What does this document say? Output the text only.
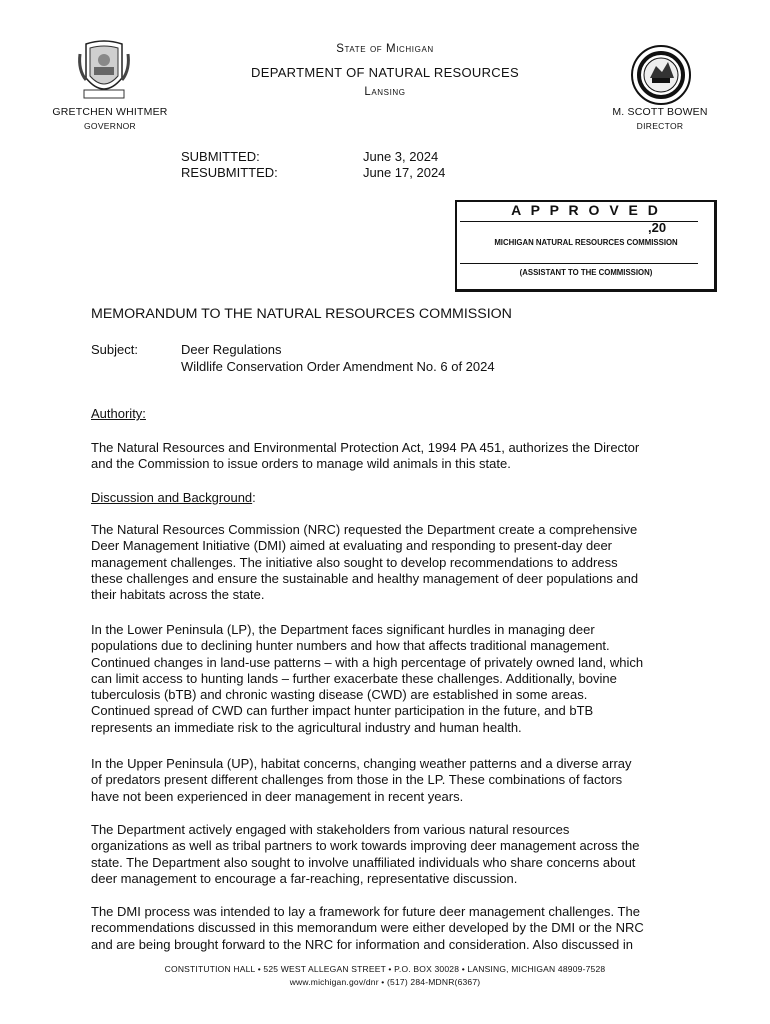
State of Michigan
DEPARTMENT OF NATURAL RESOURCES
Lansing
GRETCHEN WHITMER
GOVERNOR
M. SCOTT BOWEN
DIRECTOR
SUBMITTED:	June 3, 2024
RESUBMITTED:	June 17, 2024
A P P R O V E D
,20
MICHIGAN NATURAL RESOURCES COMMISSION
(ASSISTANT TO THE COMMISSION)
MEMORANDUM TO THE NATURAL RESOURCES COMMISSION
Subject:	Deer Regulations
Wildlife Conservation Order Amendment No. 6 of 2024
Authority:
The Natural Resources and Environmental Protection Act, 1994 PA 451, authorizes the Director
and the Commission to issue orders to manage wild animals in this state.
Discussion and Background:
The Natural Resources Commission (NRC) requested the Department create a comprehensive
Deer Management Initiative (DMI) aimed at evaluating and responding to present-day deer
management challenges. The initiative also sought to develop recommendations to address
these challenges and ensure the sustainable and healthy management of deer populations and
their habitats across the state.
In the Lower Peninsula (LP), the Department faces significant hurdles in managing deer
populations due to declining hunter numbers and how that affects traditional management.
Continued changes in land-use patterns – with a high percentage of privately owned land, which
can limit access to hunting lands – further exacerbate these challenges. Additionally, bovine
tuberculosis (bTB) and chronic wasting disease (CWD) are established in some areas.
Continued spread of CWD can further impact hunter participation in the future, and bTB
represents an immediate risk to the agricultural industry and human health.
In the Upper Peninsula (UP), habitat concerns, changing weather patterns and a diverse array
of predators present different challenges from those in the LP. These combinations of factors
have not been experienced in deer management in recent years.
The Department actively engaged with stakeholders from various natural resources
organizations as well as tribal partners to work towards improving deer management across the
state. The Department also sought to involve unaffiliated individuals who share concerns about
deer management to encourage a far-reaching, representative discussion.
The DMI process was intended to lay a framework for future deer management challenges. The
recommendations discussed in this memorandum were either developed by the DMI or the NRC
and are being brought forward to the NRC for information and consideration. Also discussed in
CONSTITUTION HALL • 525 WEST ALLEGAN STREET • P.O. BOX 30028 • LANSING, MICHIGAN 48909-7528
www.michigan.gov/dnr • (517) 284-MDNR(6367)
